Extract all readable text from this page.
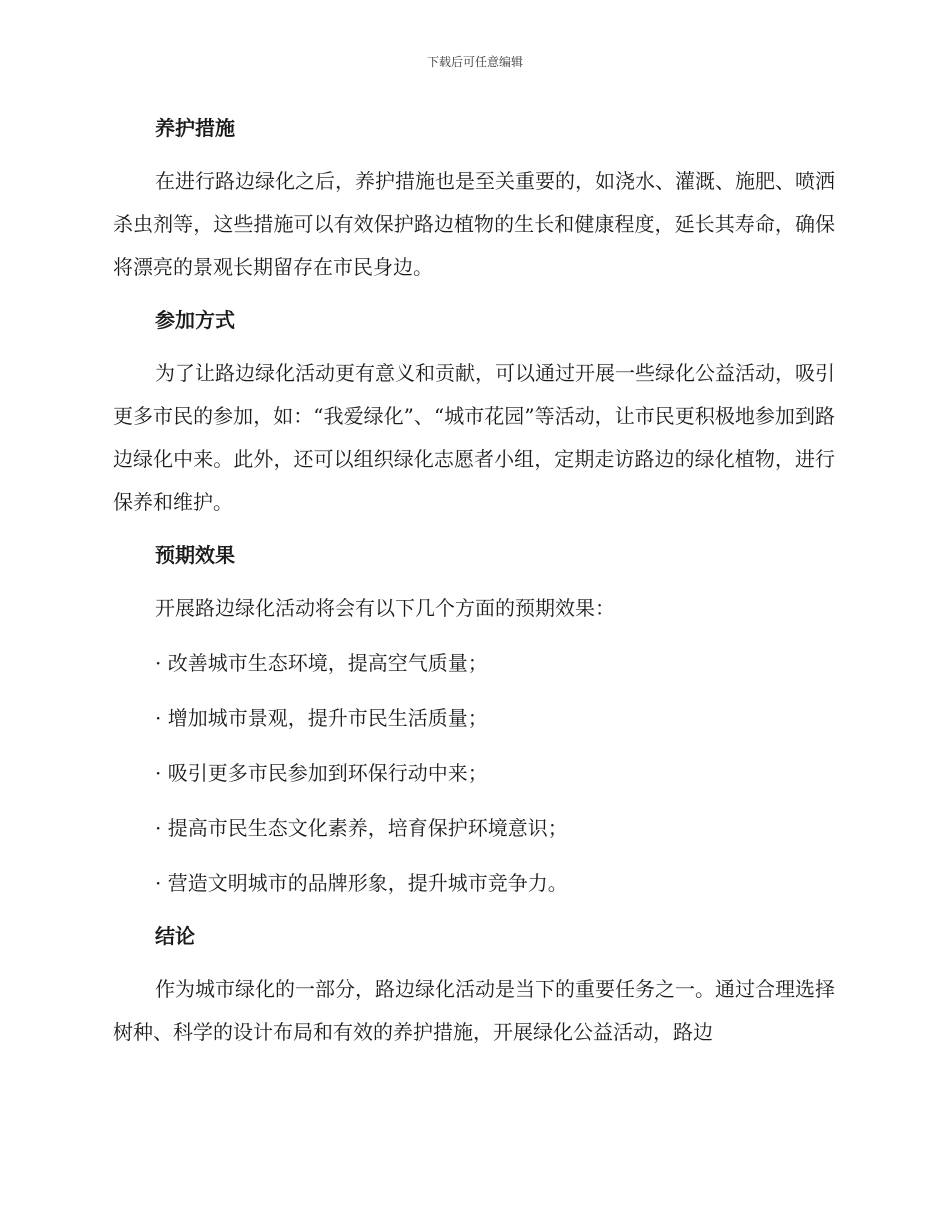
下载后可任意编辑
养护措施

在进行路边绿化之后，养护措施也是至关重要的，如浇水、灌溉、施肥、喷洒杀虫剂等，这些措施可以有效保护路边植物的生长和健康程度，延长其寿命，确保将漂亮的景观长期留存在市民身边。

参加方式

为了让路边绿化活动更有意义和贡献，可以通过开展一些绿化公益活动，吸引更多市民的参加，如：“我爱绿化”、“城市花园”等活动，让市民更积极地参加到路边绿化中来。此外，还可以组织绿化志愿者小组，定期走访路边的绿化植物，进行保养和维护。

预期效果

开展路边绿化活动将会有以下几个方面的预期效果：

· 改善城市生态环境，提高空气质量；

· 增加城市景观，提升市民生活质量；

· 吸引更多市民参加到环保行动中来；

· 提高市民生态文化素养，培育保护环境意识；

· 营造文明城市的品牌形象，提升城市竞争力。

结论

作为城市绿化的一部分，路边绿化活动是当下的重要任务之一。通过合理选择树种、科学的设计布局和有效的养护措施，开展绿化公益活动，路边
